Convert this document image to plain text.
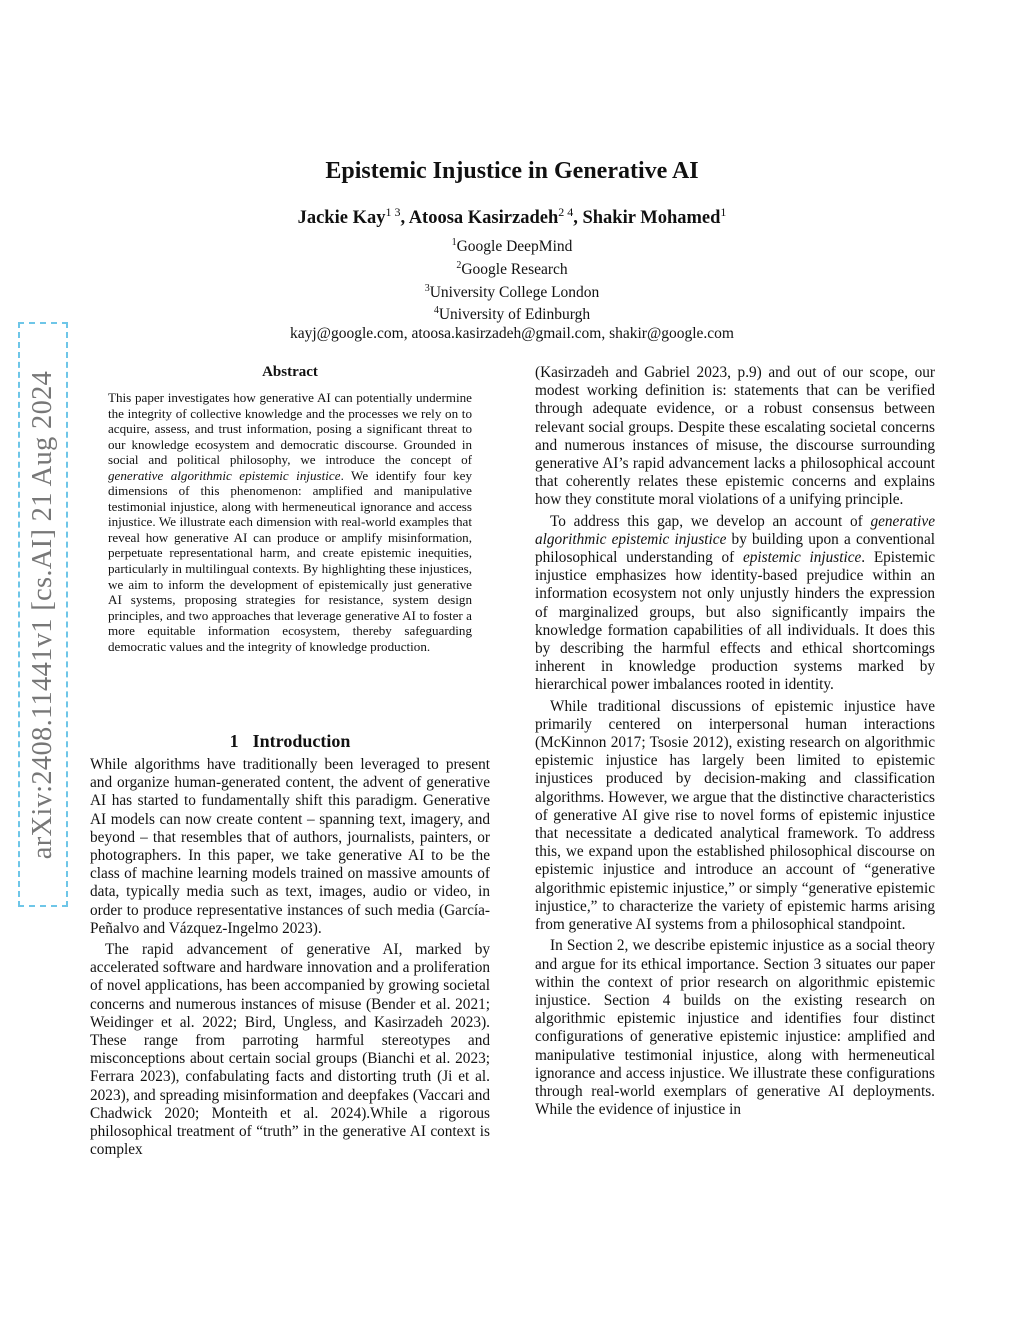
arXiv:2408.11441v1 [cs.AI] 21 Aug 2024
Epistemic Injustice in Generative AI
Jackie Kay$^{1 3}$, Atoosa Kasirzadeh$^{2 4}$, Shakir Mohamed$^1$
$^1$Google DeepMind
$^2$Google Research
$^3$University College London
$^4$University of Edinburgh
kayj@google.com, atoosa.kasirzadeh@gmail.com, shakir@google.com
Abstract

This paper investigates how generative AI can potentially undermine the integrity of collective knowledge and the processes we rely on to acquire, assess, and trust information, posing a significant threat to our knowledge ecosystem and democratic discourse. Grounded in social and political philosophy, we introduce the concept of generative algorithmic epistemic injustice. We identify four key dimensions of this phenomenon: amplified and manipulative testimonial injustice, along with hermeneutical ignorance and access injustice. We illustrate each dimension with real-world examples that reveal how generative AI can produce or amplify misinformation, perpetuate representational harm, and create epistemic inequities, particularly in multilingual contexts. By highlighting these injustices, we aim to inform the development of epistemically just generative AI systems, proposing strategies for resistance, system design principles, and two approaches that leverage generative AI to foster a more equitable information ecosystem, thereby safeguarding democratic values and the integrity of knowledge production.

1 Introduction

While algorithms have traditionally been leveraged to present and organize human-generated content, the advent of generative AI has started to fundamentally shift this paradigm. Generative AI models can now create content – spanning text, imagery, and beyond – that resembles that of authors, journalists, painters, or photographers. In this paper, we take generative AI to be the class of machine learning models trained on massive amounts of data, typically media such as text, images, audio or video, in order to produce representative instances of such media (García-Peñalvo and Vázquez-Ingelmo 2023).

The rapid advancement of generative AI, marked by accelerated software and hardware innovation and a proliferation of novel applications, has been accompanied by growing societal concerns and numerous instances of misuse (Bender et al. 2021; Weidinger et al. 2022; Bird, Ungless, and Kasirzadeh 2023). These range from parroting harmful stereotypes and misconceptions about certain social groups (Bianchi et al. 2023; Ferrara 2023), confabulating facts and distorting truth (Ji et al. 2023), and spreading misinformation and deepfakes (Vaccari and Chadwick 2020; Monteith et al. 2024).While a rigorous philosophical treatment of “truth” in the generative AI context is complex

(Kasirzadeh and Gabriel 2023, p.9) and out of our scope, our modest working definition is: statements that can be verified through adequate evidence, or a robust consensus between relevant social groups. Despite these escalating societal concerns and numerous instances of misuse, the discourse surrounding generative AI’s rapid advancement lacks a philosophical account that coherently relates these epistemic concerns and explains how they constitute moral violations of a unifying principle.

To address this gap, we develop an account of generative algorithmic epistemic injustice by building upon a conventional philosophical understanding of epistemic injustice. Epistemic injustice emphasizes how identity-based prejudice within an information ecosystem not only unjustly hinders the expression of marginalized groups, but also significantly impairs the knowledge formation capabilities of all individuals. It does this by describing the harmful effects and ethical shortcomings inherent in knowledge production systems marked by hierarchical power imbalances rooted in identity.

While traditional discussions of epistemic injustice have primarily centered on interpersonal human interactions (McKinnon 2017; Tsosie 2012), existing research on algorithmic epistemic injustice has largely been limited to epistemic injustices produced by decision-making and classification algorithms. However, we argue that the distinctive characteristics of generative AI give rise to novel forms of epistemic injustice that necessitate a dedicated analytical framework. To address this, we expand upon the established philosophical discourse on epistemic injustice and introduce an account of “generative algorithmic epistemic injustice,” or simply “generative epistemic injustice,” to characterize the variety of epistemic harms arising from generative AI systems from a philosophical standpoint.

In Section 2, we describe epistemic injustice as a social theory and argue for its ethical importance. Section 3 situates our paper within the context of prior research on algorithmic epistemic injustice. Section 4 builds on the existing research on algorithmic epistemic injustice and identifies four distinct configurations of generative epistemic injustice: amplified and manipulative testimonial injustice, along with hermeneutical ignorance and access injustice. We illustrate these configurations through real-world exemplars of generative AI deployments. While the evidence of injustice in
